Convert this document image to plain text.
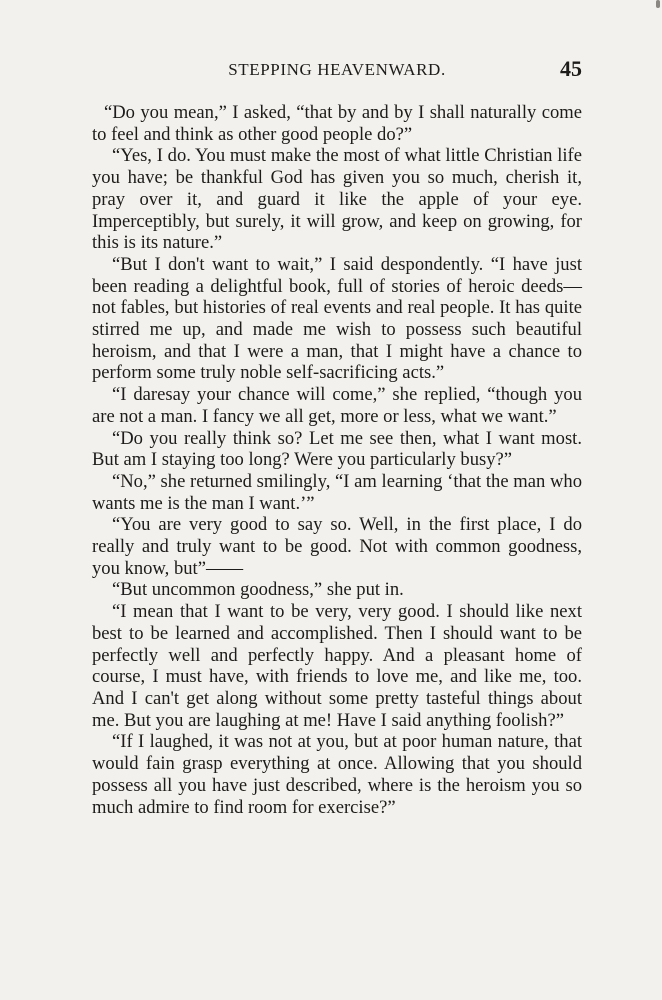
STEPPING HEAVENWARD.	45

“Do you mean,” I asked, “that by and by I shall naturally come to feel and think as other good people do?”

“Yes, I do. You must make the most of what little Christian life you have; be thankful God has given you so much, cherish it, pray over it, and guard it like the apple of your eye. Imperceptibly, but surely, it will grow, and keep on growing, for this is its nature.”

“But I don't want to wait,” I said despondently. “I have just been reading a delightful book, full of stories of heroic deeds—not fables, but histories of real events and real people. It has quite stirred me up, and made me wish to possess such beautiful heroism, and that I were a man, that I might have a chance to perform some truly noble self-sacrificing acts.”

“I daresay your chance will come,” she replied, “though you are not a man. I fancy we all get, more or less, what we want.”

“Do you really think so? Let me see then, what I want most. But am I staying too long? Were you particularly busy?”

“No,” she returned smilingly, “I am learning ‘that the man who wants me is the man I want.’”

“You are very good to say so. Well, in the first place, I do really and truly want to be good. Not with common goodness, you know, but”——

“But uncommon goodness,” she put in.

“I mean that I want to be very, very good. I should like next best to be learned and accomplished. Then I should want to be perfectly well and perfectly happy. And a pleasant home of course, I must have, with friends to love me, and like me, too. And I can't get along without some pretty tasteful things about me. But you are laughing at me! Have I said anything foolish?”

“If I laughed, it was not at you, but at poor human nature, that would fain grasp everything at once. Allowing that you should possess all you have just described, where is the heroism you so much admire to find room for exercise?”
